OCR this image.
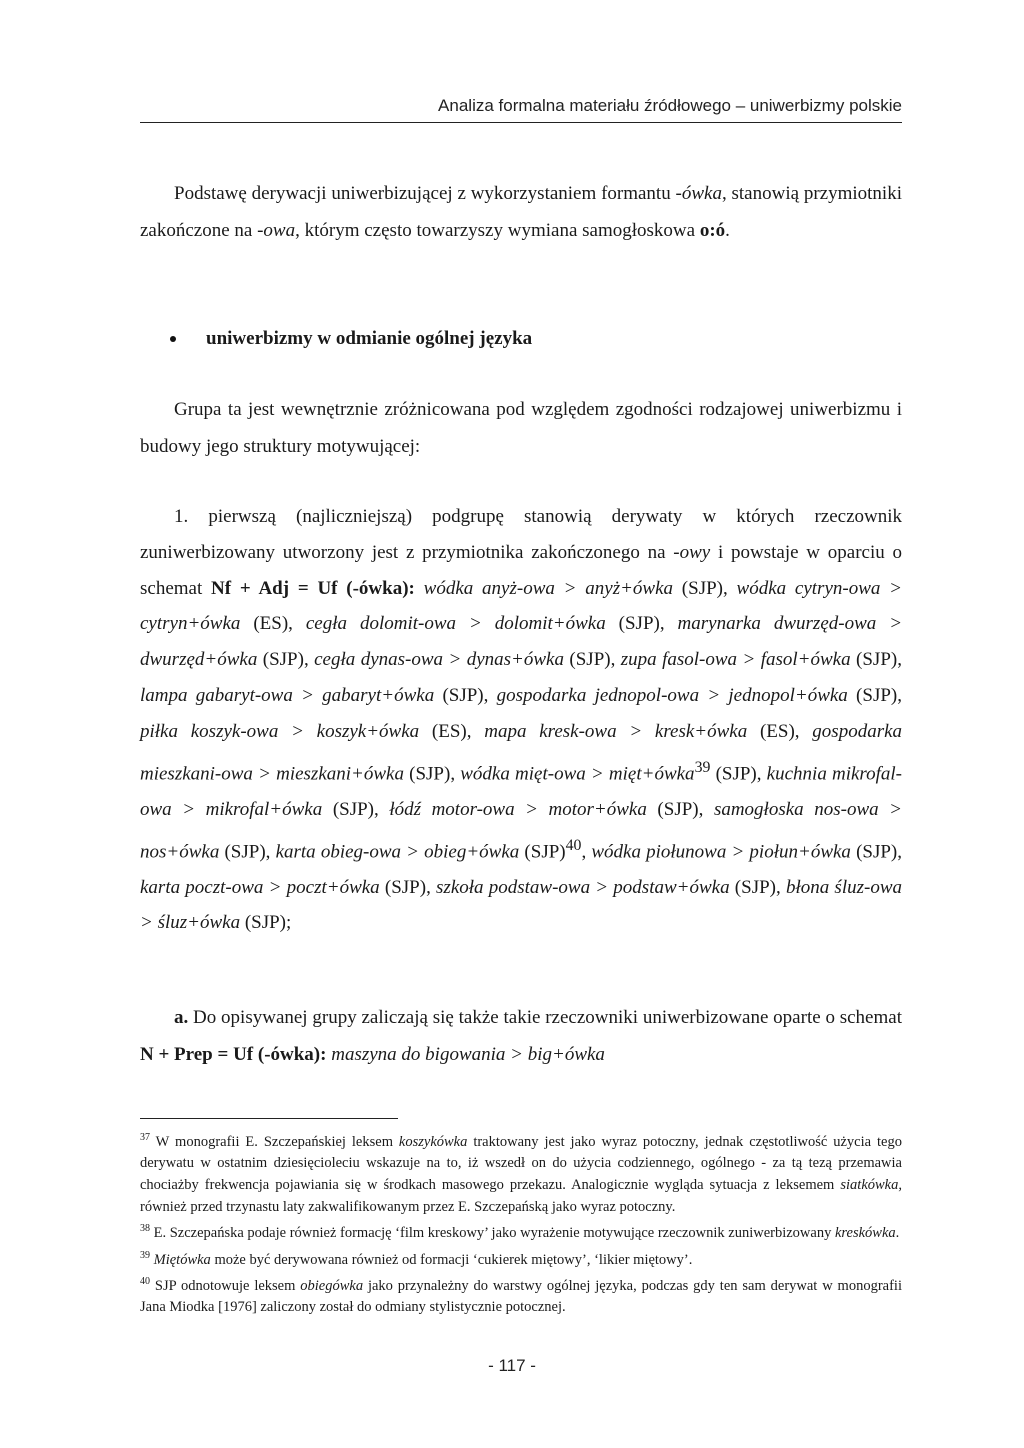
Analiza formalna materiału źródłowego – uniwerbizmy polskie
Podstawę derywacji uniwerbizującej z wykorzystaniem formantu -ówka, stanowią przymiotniki zakończone na -owa, którym często towarzyszy wymiana samogłoskowa o:ó.
uniwerbizmy w odmianie ogólnej języka
Grupa ta jest wewnętrznie zróżnicowana pod względem zgodności rodzajowej uniwerbizmu i budowy jego struktury motywującej:
1. pierwszą (najliczniejszą) podgrupę stanowią derywaty w których rzeczownik zuniwerbizowany utworzony jest z przymiotnika zakończonego na -owy i powstaje w oparciu o schemat Nf + Adj = Uf (-ówka): wódka anyż-owa > anyż+ówka (SJP), wódka cytryn-owa > cytryn+ówka (ES), cegła dolomit-owa > dolomit+ówka (SJP), marynarka dwurzęd-owa > dwurzęd+ówka (SJP), cegła dynas-owa > dynas+ówka (SJP), zupa fasol-owa > fasol+ówka (SJP), lampa gabaryt-owa > gabaryt+ówka (SJP), gospodarka jednopol-owa > jednopol+ówka (SJP), piłka koszyk-owa > koszyk+ówka (ES), mapa kresk-owa > kresk+ówka (ES), gospodarka mieszkani-owa > mieszkani+ówka (SJP), wódka mięt-owa > mięt+ówka$^{39}$ (SJP), kuchnia mikrofal-owa > mikrofal+ówka (SJP), łódź motor-owa > motor+ówka (SJP), samogłoska nos-owa > nos+ówka (SJP), karta obieg-owa > obieg+ówka (SJP)$^{40}$, wódka piołunowa > piołun+ówka (SJP), karta poczt-owa > poczt+ówka (SJP), szkoła podstaw-owa > podstaw+ówka (SJP), błona śluz-owa > śluz+ówka (SJP);
a. Do opisywanej grupy zaliczają się także takie rzeczowniki uniwerbizowane oparte o schemat N + Prep = Uf (-ówka): maszyna do bigowania > big+ówka
$^{37}$ W monografii E. Szczepańskiej leksem koszykówka traktowany jest jako wyraz potoczny, jednak częstotliwość użycia tego derywatu w ostatnim dziesięcioleciu wskazuje na to, iż wszedł on do użycia codziennego, ogólnego - za tą tezą przemawia chociażby frekwencja pojawiania się w środkach masowego przekazu. Analogicznie wygląda sytuacja z leksemem siatkówka, również przed trzynastu laty zakwalifikowanym przez E. Szczepańską jako wyraz potoczny.
$^{38}$ E. Szczepańska podaje również formację ‘film kreskowy’ jako wyrażenie motywujące rzeczownik zuniwerbizowany kreskówka.
$^{39}$ Miętówka może być derywowana również od formacji ‘cukierek miętowy’, ‘likier miętowy’.
$^{40}$ SJP odnotowuje leksem obiegówka jako przynależny do warstwy ogólnej języka, podczas gdy ten sam derywat w monografii Jana Miodka [1976] zaliczony został do odmiany stylistycznie potocznej.
- 117 -
